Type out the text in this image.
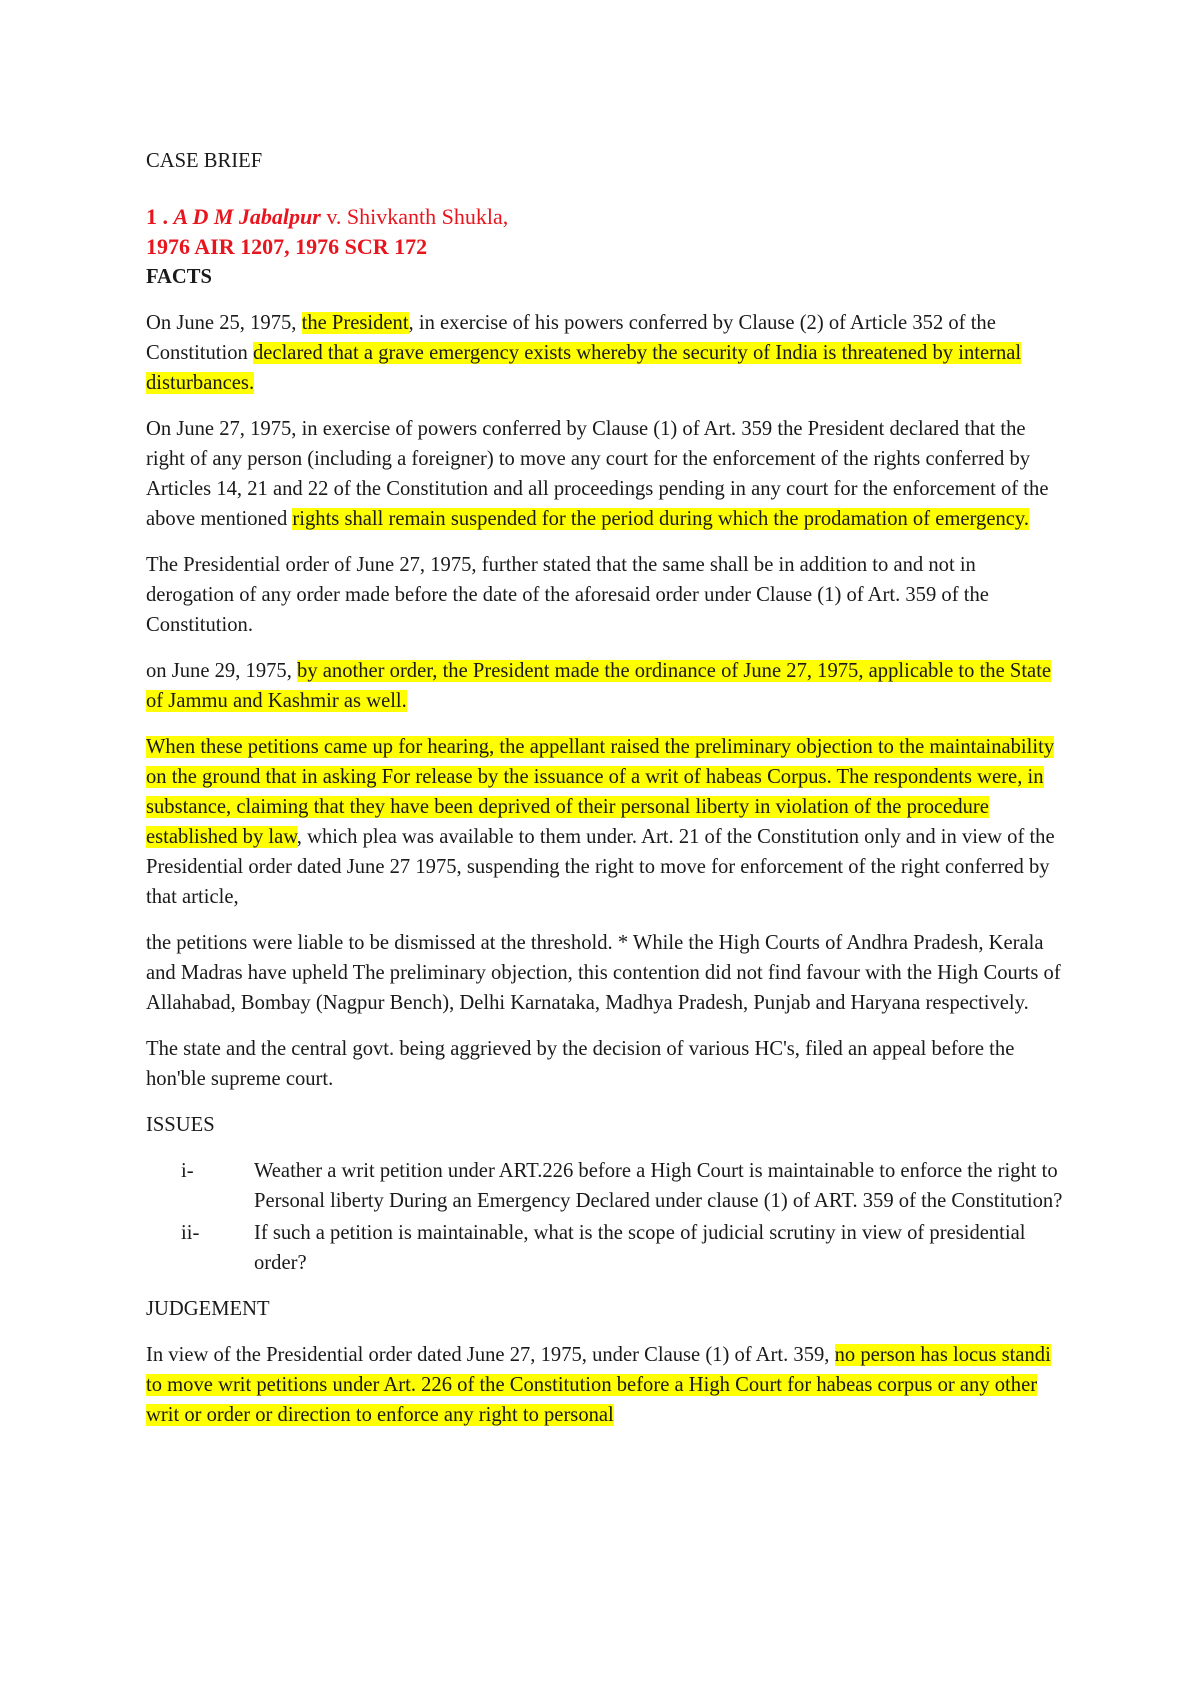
CASE BRIEF

1 . A D M Jabalpur v. Shivkanth Shukla,

1976 AIR 1207, 1976 SCR 172

FACTS

On June 25, 1975, the President, in exercise of his powers conferred by Clause (2) of Article 352 of the Constitution declared that a grave emergency exists whereby the security of India is threatened by internal disturbances.

On June 27, 1975, in exercise of powers conferred by Clause (1) of Art. 359 the President declared that the right of any person (including a foreigner) to move any court for the enforcement of the rights conferred by Articles 14, 21 and 22 of the Constitution and all proceedings pending in any court for the enforcement of the above mentioned rights shall remain suspended for the period during which the prodamation of emergency.

The Presidential order of June 27, 1975, further stated that the same shall be in addition to and not in derogation of any order made before the date of the aforesaid order under Clause (1) of Art. 359 of the Constitution.

on June 29, 1975, by another order, the President made the ordinance of June 27, 1975, applicable to the State of Jammu and Kashmir as well.

When these petitions came up for hearing, the appellant raised the preliminary objection to the maintainability on the ground that in asking For release by the issuance of a writ of habeas Corpus. The respondents were, in substance, claiming that they have been deprived of their personal liberty in violation of the procedure established by law, which plea was available to them under. Art. 21 of the Constitution only and in view of the Presidential order dated June 27 1975, suspending the right to move for enforcement of the right conferred by that article,

the petitions were liable to be dismissed at the threshold. * While the High Courts of Andhra Pradesh, Kerala and Madras have upheld The preliminary objection, this contention did not find favour with the High Courts of Allahabad, Bombay (Nagpur Bench), Delhi Karnataka, Madhya Pradesh, Punjab and Haryana respectively.

The state and the central govt. being aggrieved by the decision of various HC's, filed an appeal before the hon'ble supreme court.

ISSUES

i-	Weather a writ petition under ART.226 before a High Court is maintainable to enforce the right to Personal liberty During an Emergency Declared under clause (1) of ART. 359 of the Constitution?
ii-	If such a petition is maintainable, what is the scope of judicial scrutiny in view of presidential order?

JUDGEMENT

In view of the Presidential order dated June 27, 1975, under Clause (1) of Art. 359, no person has locus standi to move writ petitions under Art. 226 of the Constitution before a High Court for habeas corpus or any other writ or order or direction to enforce any right to personal
